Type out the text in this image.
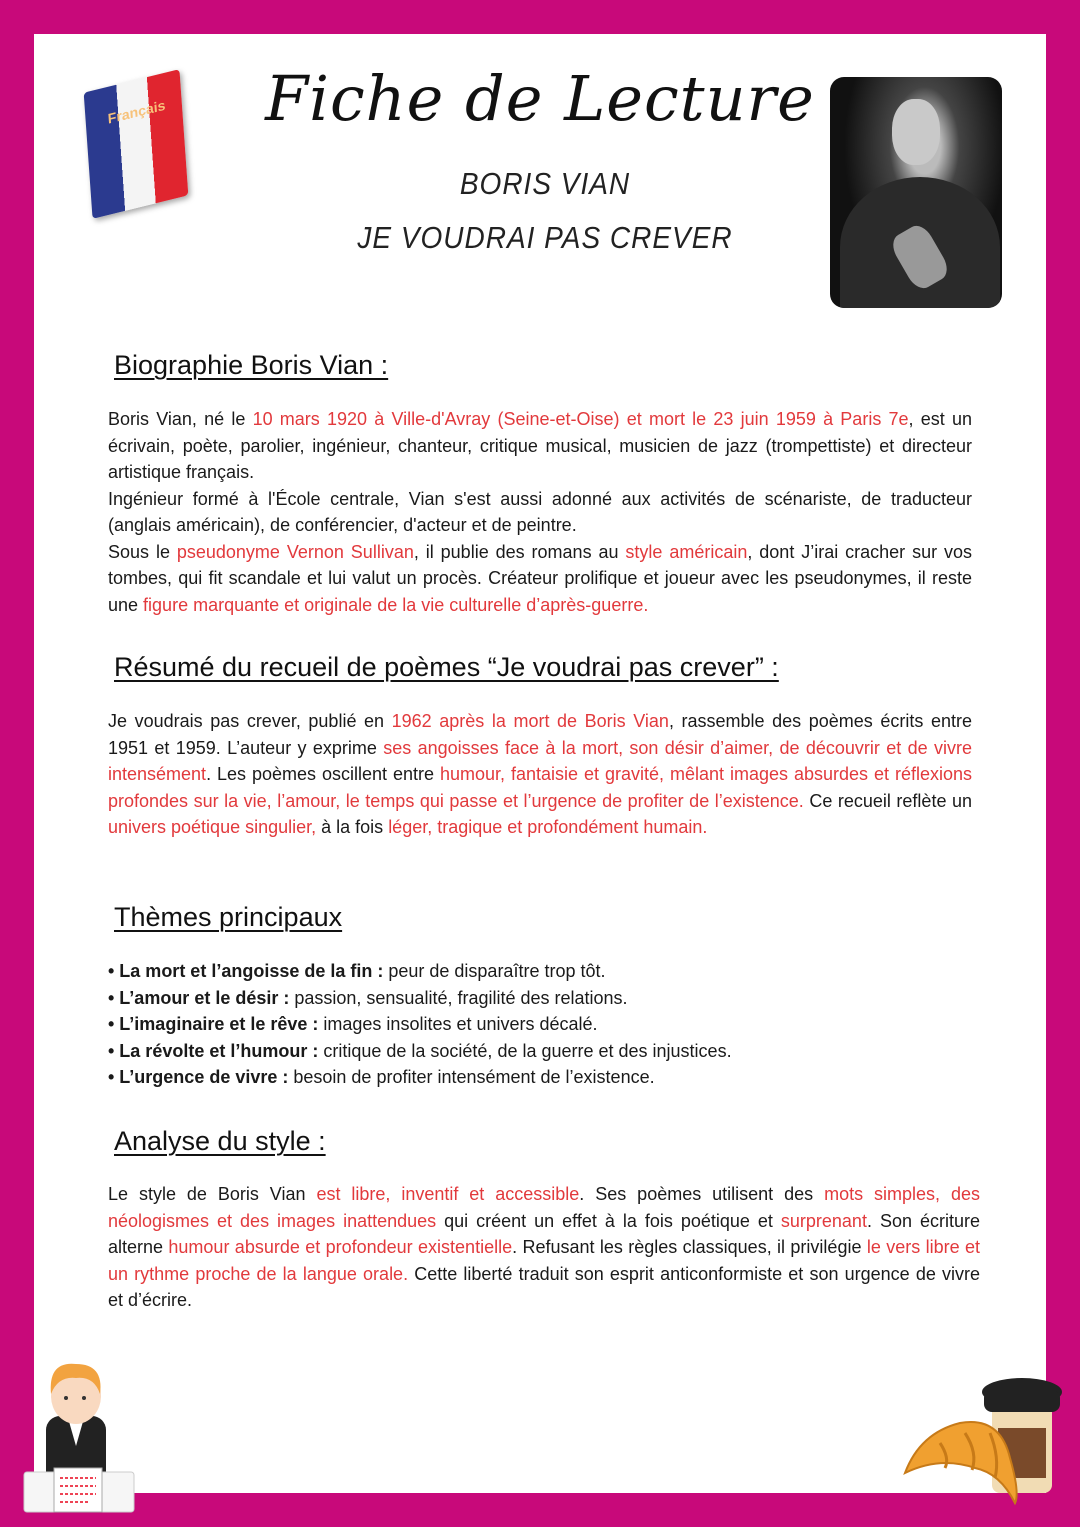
Français	Fiche de Lecture
BORIS VIAN
JE VOUDRAI PAS CREVER
Biographie Boris Vian :

Boris Vian, né le 10 mars 1920 à Ville-d'Avray (Seine-et-Oise) et mort le 23 juin 1959 à Paris 7e, est un écrivain, poète, parolier, ingénieur, chanteur, critique musical, musicien de jazz (trompettiste) et directeur artistique français.
Ingénieur formé à l'École centrale, Vian s'est aussi adonné aux activités de scénariste, de traducteur (anglais américain), de conférencier, d'acteur et de peintre.
Sous le pseudonyme Vernon Sullivan, il publie des romans au style américain, dont J’irai cracher sur vos tombes, qui fit scandale et lui valut un procès. Créateur prolifique et joueur avec les pseudonymes, il reste une figure marquante et originale de la vie culturelle d’après-guerre.

Résumé du recueil de poèmes “Je voudrai pas crever” :

Je voudrais pas crever, publié en 1962 après la mort de Boris Vian, rassemble des poèmes écrits entre 1951 et 1959. L’auteur y exprime ses angoisses face à la mort, son désir d’aimer, de découvrir et de vivre intensément. Les poèmes oscillent entre humour, fantaisie et gravité, mêlant images absurdes et réflexions profondes sur la vie, l’amour, le temps qui passe et l’urgence de profiter de l’existence. Ce recueil reflète un univers poétique singulier, à la fois léger, tragique et profondément humain.

Thèmes principaux
• La mort et l’angoisse de la fin : peur de disparaître trop tôt.
• L’amour et le désir : passion, sensualité, fragilité des relations.
• L’imaginaire et le rêve : images insolites et univers décalé.
• La révolte et l’humour : critique de la société, de la guerre et des injustices.
• L’urgence de vivre : besoin de profiter intensément de l’existence.
Analyse du style :

Le style de Boris Vian est libre, inventif et accessible. Ses poèmes utilisent des mots simples, des néologismes et des images inattendues qui créent un effet à la fois poétique et surprenant. Son écriture alterne humour absurde et profondeur existentielle. Refusant les règles classiques, il privilégie le vers libre et un rythme proche de la langue orale. Cette liberté traduit son esprit anticonformiste et son urgence de vivre et d’écrire.
